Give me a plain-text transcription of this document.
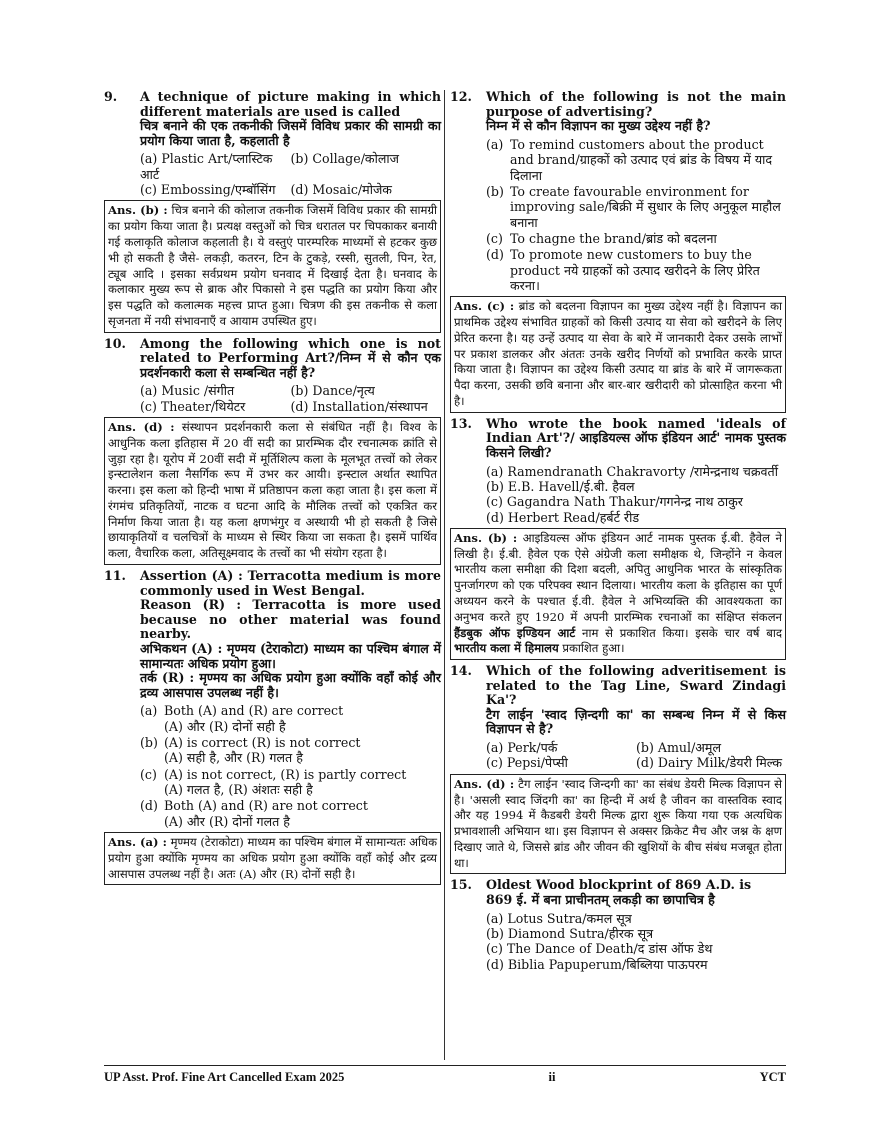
9.	A technique of picture making in which different materials are used is called
चित्र बनाने की एक तकनीकी जिसमें विविध प्रकार की सामग्री का प्रयोग किया जाता है, कहलाती है
(a) Plastic Art/प्लास्टिक आर्ट
(b) Collage/कोलाज
(c) Embossing/एम्बॉसिंग	(d) Mosaic/मोजेक
Ans. (b) : चित्र बनाने की कोलाज तकनीक जिसमें विविध प्रकार की सामग्री का प्रयोग किया जाता है। प्रत्यक्ष वस्तुओं को चित्र धरातल पर चिपकाकर बनायी गई कलाकृति कोलाज कहलाती है। ये वस्तुएं पारम्परिक माध्यमों से हटकर कुछ भी हो सकती है जैसे- लकड़ी, कतरन, टिन के टुकड़े, रस्सी, सुतली, पिन, रेत, ट्यूब आदि । इसका सर्वप्रथम प्रयोग घनवाद में दिखाई देता है। घनवाद के कलाकार मुख्य रूप से ब्राक और पिकासो ने इस पद्धति का प्रयोग किया और इस पद्धति को कलात्मक महत्त्व प्राप्त हुआ। चित्रण की इस तकनीक से कला सृजनता में नयी संभावनाएँ व आयाम उपस्थित हुए।
10.	Among the following which one is not related to Performing Art?/निम्न में से कौन एक प्रदर्शनकारी कला से सम्बन्धित नहीं है?
(a) Music /संगीत	(b) Dance/नृत्य
(c) Theater/थियेटर	(d) Installation/संस्थापन
Ans. (d) : संस्थापन प्रदर्शनकारी कला से संबंधित नहीं है। विश्व के आधुनिक कला इतिहास में 20 वीं सदी का प्रारम्भिक दौर रचनात्मक क्रांति से जुड़ा रहा है। यूरोप में 20वीं सदी में मूर्तिशिल्प कला के मूलभूत तत्त्वों को लेकर इन्स्टालेशन कला नैसर्गिक रूप में उभर कर आयी। इन्स्टाल अर्थात स्थापित करना। इस कला को हिन्दी भाषा में प्रतिष्ठापन कला कहा जाता है। इस कला में रंगमंच प्रतिकृतियों, नाटक व घटना आदि के मौलिक तत्त्वों को एकत्रित कर निर्माण किया जाता है। यह कला क्षणभंगुर व अस्थायी भी हो सकती है जिसे छायाकृतियों व चलचित्रों के माध्यम से स्थिर किया जा सकता है। इसमें पार्थिव कला, वैचारिक कला, अतिसूक्ष्मवाद के तत्त्वों का भी संयोग रहता है।
11.	Assertion (A) : Terracotta medium is more commonly used in West Bengal.
Reason (R) : Terracotta is more used because no other material was found nearby.
अभिकथन (A) : मृण्मय (टेराकोटा) माध्यम का पश्चिम बंगाल में सामान्यतः अधिक प्रयोग हुआ।
तर्क (R) : मृण्मय का अधिक प्रयोग हुआ क्योंकि वहाँ कोई और द्रव्य आसपास उपलब्ध नहीं है।
(a) Both (A) and (R) are correct
(A) और (R) दोनों सही है
(b) (A) is correct (R) is not correct
(A) सही है, और (R) गलत है
(c) (A) is not correct, (R) is partly correct
(A) गलत है, (R) अंशतः सही है
(d) Both (A) and (R) are not correct
(A) और (R) दोनों गलत है
Ans. (a) : मृण्मय (टेराकोटा) माध्यम का पश्चिम बंगाल में सामान्यतः अधिक प्रयोग हुआ क्योंकि मृण्मय का अधिक प्रयोग हुआ क्योंकि वहाँ कोई और द्रव्य आसपास उपलब्ध नहीं है। अतः (A) और (R) दोनों सही है।
12.	Which of the following is not the main purpose of advertising?
निम्न में से कौन विज्ञापन का मुख्य उद्देश्य नहीं है?
(a) To remind customers about the product and brand/ग्राहकों को उत्पाद एवं ब्रांड के विषय में याद दिलाना
(b) To create favourable environment for improving sale/बिक्री में सुधार के लिए अनुकूल माहौल बनाना
(c) To chagne the brand/ब्रांड को बदलना
(d) To promote new customers to buy the product नये ग्राहकों को उत्पाद खरीदने के लिए प्रेरित करना।
Ans. (c) : ब्रांड को बदलना विज्ञापन का मुख्य उद्देश्य नहीं है। विज्ञापन का प्राथमिक उद्देश्य संभावित ग्राहकों को किसी उत्पाद या सेवा को खरीदने के लिए प्रेरित करना है। यह उन्हें उत्पाद या सेवा के बारे में जानकारी देकर उसके लाभों पर प्रकाश डालकर और अंततः उनके खरीद निर्णयों को प्रभावित करके प्राप्त किया जाता है। विज्ञापन का उद्देश्य किसी उत्पाद या ब्रांड के बारे में जागरूकता पैदा करना, उसकी छवि बनाना और बार-बार खरीदारी को प्रोत्साहित करना भी है।
13.	Who wrote the book named 'ideals of Indian Art'?/ आइडियल्स ऑफ इंडियन आर्ट' नामक पुस्तक किसने लिखी?
(a) Ramendranath Chakravorty /रामेन्द्रनाथ चक्रवर्ती
(b) E.B. Havell/ई.बी. हैवल
(c) Gagandra Nath Thakur/गगनेन्द्र नाथ ठाकुर
(d) Herbert Read/हर्बर्ट रीड
Ans. (b) : आइडियल्स ऑफ इंडियन आर्ट नामक पुस्तक ई.बी. हैवेल ने लिखी है। ई.बी. हैवेल एक ऐसे अंग्रेजी कला समीक्षक थे, जिन्होंने न केवल भारतीय कला समीक्षा की दिशा बदली, अपितु आधुनिक भारत के सांस्कृतिक पुनर्जागरण को एक परिपक्व स्थान दिलाया। भारतीय कला के इतिहास का पूर्ण अध्ययन करने के पश्चात ई.वी. हैवेल ने अभिव्यक्ति की आवश्यकता का अनुभव करते हुए 1920 में अपनी प्रारम्भिक रचनाओं का संक्षिप्त संकलन हैंडबुक ऑफ इण्डियन आर्ट नाम से प्रकाशित किया। इसके चार वर्ष बाद भारतीय कला में हिमालय प्रकाशित हुआ।
14.	Which of the following adveritisement is related to the Tag Line, Sward Zindagi Ka'?
टैग लाईन 'स्वाद ज़िन्दगी का' का सम्बन्ध निम्न में से किस विज्ञापन से है?
(a) Perk/पर्क	(b) Amul/अमूल
(c) Pepsi/पेप्सी	(d) Dairy Milk/डेयरी मिल्क
Ans. (d) : टैग लाईन 'स्वाद जिन्दगी का' का संबंध डेयरी मिल्क विज्ञापन से है। 'असली स्वाद जिंदगी का' का हिन्दी में अर्थ है जीवन का वास्तविक स्वाद और यह 1994 में कैडबरी डेयरी मिल्क द्वारा शुरू किया गया एक अत्यधिक प्रभावशाली अभियान था। इस विज्ञापन से अक्सर क्रिकेट मैच और जश्न के क्षण दिखाए जाते थे, जिससे ब्रांड और जीवन की खुशियों के बीच संबंध मजबूत होता था।
15.	Oldest Wood blockprint of 869 A.D. is
869 ई. में बना प्राचीनतम् लकड़ी का छापाचित्र है
(a) Lotus Sutra/कमल सूत्र
(b) Diamond Sutra/हीरक सूत्र
(c) The Dance of Death/द डांस ऑफ डेथ
(d) Biblia Papuperum/बिब्लिया पाऊपरम
UP Asst. Prof. Fine Art Cancelled Exam 2025	ii	YCT
